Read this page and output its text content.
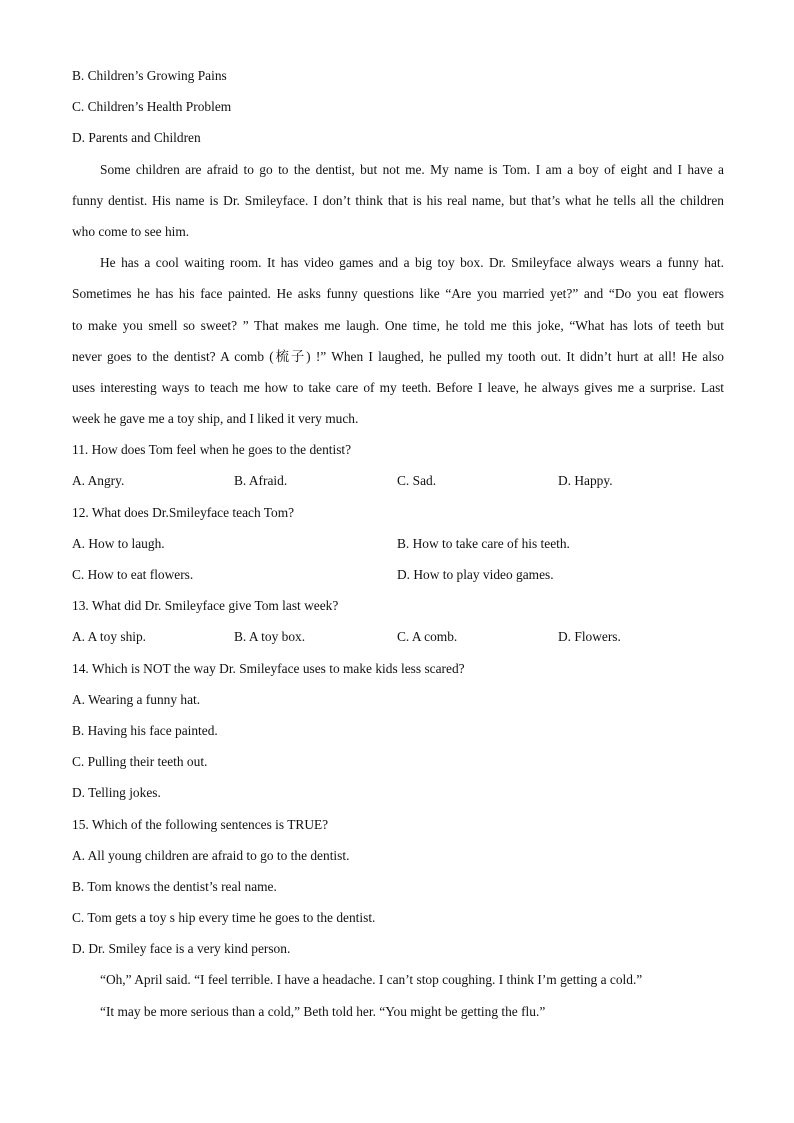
B. Children’s Growing Pains
C. Children’s Health Problem
D. Parents and Children
Some children are afraid to go to the dentist, but not me. My name is Tom. I am a boy of eight and I have a
funny dentist. His name is Dr. Smileyface. I don’t think that is his real name, but that’s what he tells all the children
who come to see him.
He has a cool waiting room. It has video games and a big toy box. Dr. Smileyface always wears a funny hat.
Sometimes he has his face painted. He asks funny questions like “Are you married yet?” and “Do you eat flowers
to make you smell so sweet? ” That makes me laugh. One time, he told me this joke, “What has lots of teeth but
never goes to the dentist? A comb (梳子) !” When I laughed, he pulled my tooth out. It didn’t hurt at all! He also
uses interesting ways to teach me how to take care of my teeth. Before I leave, he always gives me a surprise. Last
week he gave me a toy ship, and I liked it very much.
11. How does Tom feel when he goes to the dentist?
A. Angry.	B. Afraid.	C. Sad.	D. Happy.
12. What does Dr.Smileyface teach Tom?
A. How to laugh.	B. How to take care of his teeth.
C. How to eat flowers.	D. How to play video games.
13. What did Dr. Smileyface give Tom last week?
A. A toy ship.	B. A toy box.	C. A comb.	D. Flowers.
14. Which is NOT the way Dr. Smileyface uses to make kids less scared?
A. Wearing a funny hat.
B. Having his face painted.
C. Pulling their teeth out.
D. Telling jokes.
15. Which of the following sentences is TRUE?
A. All young children are afraid to go to the dentist.
B. Tom knows the dentist’s real name.
C. Tom gets a toy s hip every time he goes to the dentist.
D. Dr. Smiley face is a very kind person.
“Oh,” April said. “I feel terrible. I have a headache. I can’t stop coughing. I think I’m getting a cold.”
“It may be more serious than a cold,” Beth told her. “You might be getting the flu.”
